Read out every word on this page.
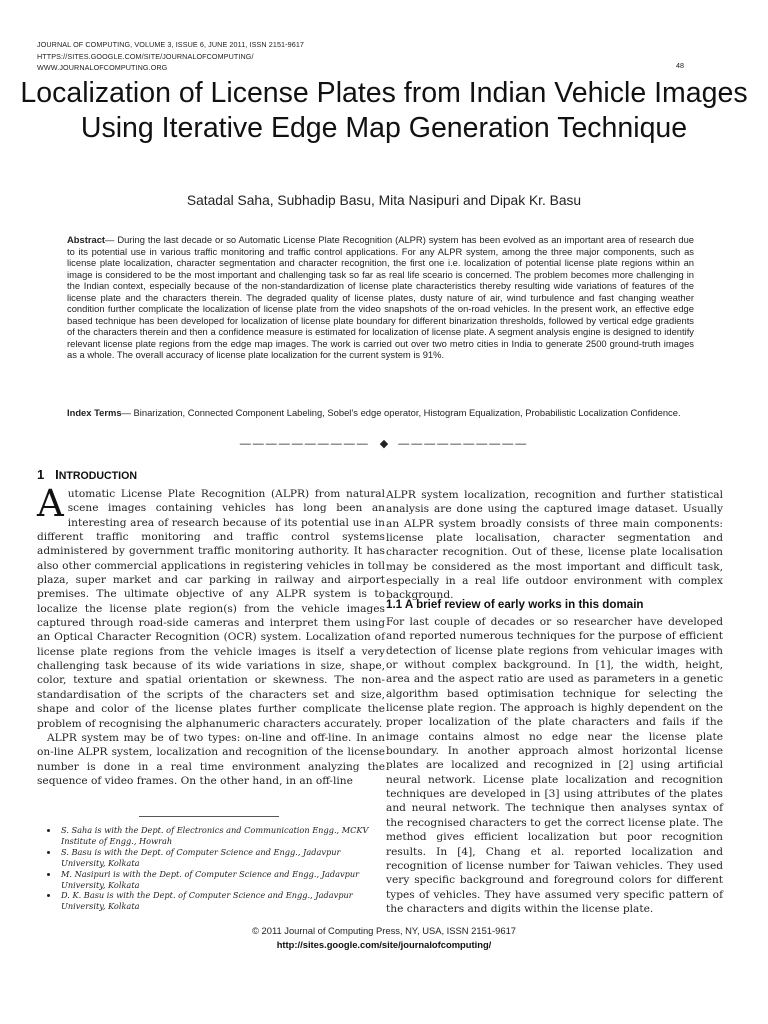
JOURNAL OF COMPUTING, VOLUME 3, ISSUE 6, JUNE 2011, ISSN 2151-9617
HTTPS://SITES.GOOGLE.COM/SITE/JOURNALOFCOMPUTING/
WWW.JOURNALOFCOMPUTING.ORG	48
Localization of License Plates from Indian Vehicle Images Using Iterative Edge Map Generation Technique
Satadal Saha, Subhadip Basu, Mita Nasipuri and Dipak Kr. Basu
Abstract— During the last decade or so Automatic License Plate Recognition (ALPR) system has been evolved as an important area of research due to its potential use in various traffic monitoring and traffic control applications. For any ALPR system, among the three major components, such as license plate localization, character segmentation and character recognition, the first one i.e. localization of potential license plate regions within an image is considered to be the most important and challenging task so far as real life sceario is concerned. The problem becomes more challenging in the Indian context, especially because of the non-standardization of license plate characteristics thereby resulting wide variations of features of the license plate and the characters therein. The degraded quality of license plates, dusty nature of air, wind turbulence and fast changing weather condition further complicate the localization of license plate from the video snapshots of the on-road vehicles. In the present work, an effective edge based technique has been developed for localization of license plate boundary for different binarization thresholds, followed by vertical edge gradients of the characters therein and then a confidence measure is estimated for localization of license plate. A segment analysis engine is designed to identify relevant license plate regions from the edge map images. The work is carried out over two metro cities in India to generate 2500 ground-truth images as a whole. The overall accuracy of license plate localization for the current system is 91%.
Index Terms— Binarization, Connected Component Labeling, Sobel’s edge operator, Histogram Equalization, Probabilistic Localization Confidence.
—————————— ◆ ——————————
1 INTRODUCTION

Automatic License Plate Recognition (ALPR) from natural scene images containing vehicles has long been an interesting area of research because of its potential use in different traffic monitoring and traffic control systems administered by government traffic monitoring authority. It has also other commercial applications in registering vehicles in toll plaza, super market and car parking in railway and airport premises. The ultimate objective of any ALPR system is to localize the license plate region(s) from the vehicle images captured through road-side cameras and interpret them using an Optical Character Recognition (OCR) system. Localization of license plate regions from the vehicle images is itself a very challenging task because of its wide variations in size, shape, color, texture and spatial orientation or skewness. The non-standardisation of the scripts of the characters set and size, shape and color of the license plates further complicate the problem of recognising the alphanumeric characters accurately.

ALPR system may be of two types: on-line and off-line. In an on-line ALPR system, localization and recognition of the license number is done in a real time environment analyzing the sequence of video frames. On the other hand, in an off-line

ALPR system localization, recognition and further statistical analysis are done using the captured image dataset. Usually an ALPR system broadly consists of three main components: license plate localisation, character segmentation and character recognition. Out of these, license plate localisation may be considered as the most important and difficult task, especially in a real life outdoor environment with complex background.

1.1 A brief review of early works in this domain

For last couple of decades or so researcher have developed and reported numerous techniques for the purpose of efficient detection of license plate regions from vehicular images with or without complex background. In [1], the width, height, area and the aspect ratio are used as parameters in a genetic algorithm based optimisation technique for selecting the license plate region. The approach is highly dependent on the proper localization of the plate characters and fails if the image contains almost no edge near the license plate boundary. In another approach almost horizontal license plates are localized and recognized in [2] using artificial neural network. License plate localization and recognition techniques are developed in [3] using attributes of the plates and neural network. The technique then analyses syntax of the recognised characters to get the correct license plate. The method gives efficient localization but poor recognition results. In [4], Chang et al. reported localization and recognition of license number for Taiwan vehicles. They used very specific background and foreground colors for different types of vehicles. They have assumed very specific pattern of the characters and digits within the license plate.

• S. Saha is with the Dept. of Electronics and Communication Engg., MCKV Institute of Engg., Howrah
• S. Basu is with the Dept. of Computer Science and Engg., Jadavpur University, Kolkata
• M. Nasipuri is with the Dept. of Computer Science and Engg., Jadavpur University, Kolkata
• D. K. Basu is with the Dept. of Computer Science and Engg., Jadavpur University, Kolkata
© 2011 Journal of Computing Press, NY, USA, ISSN 2151-9617
http://sites.google.com/site/journalofcomputing/
